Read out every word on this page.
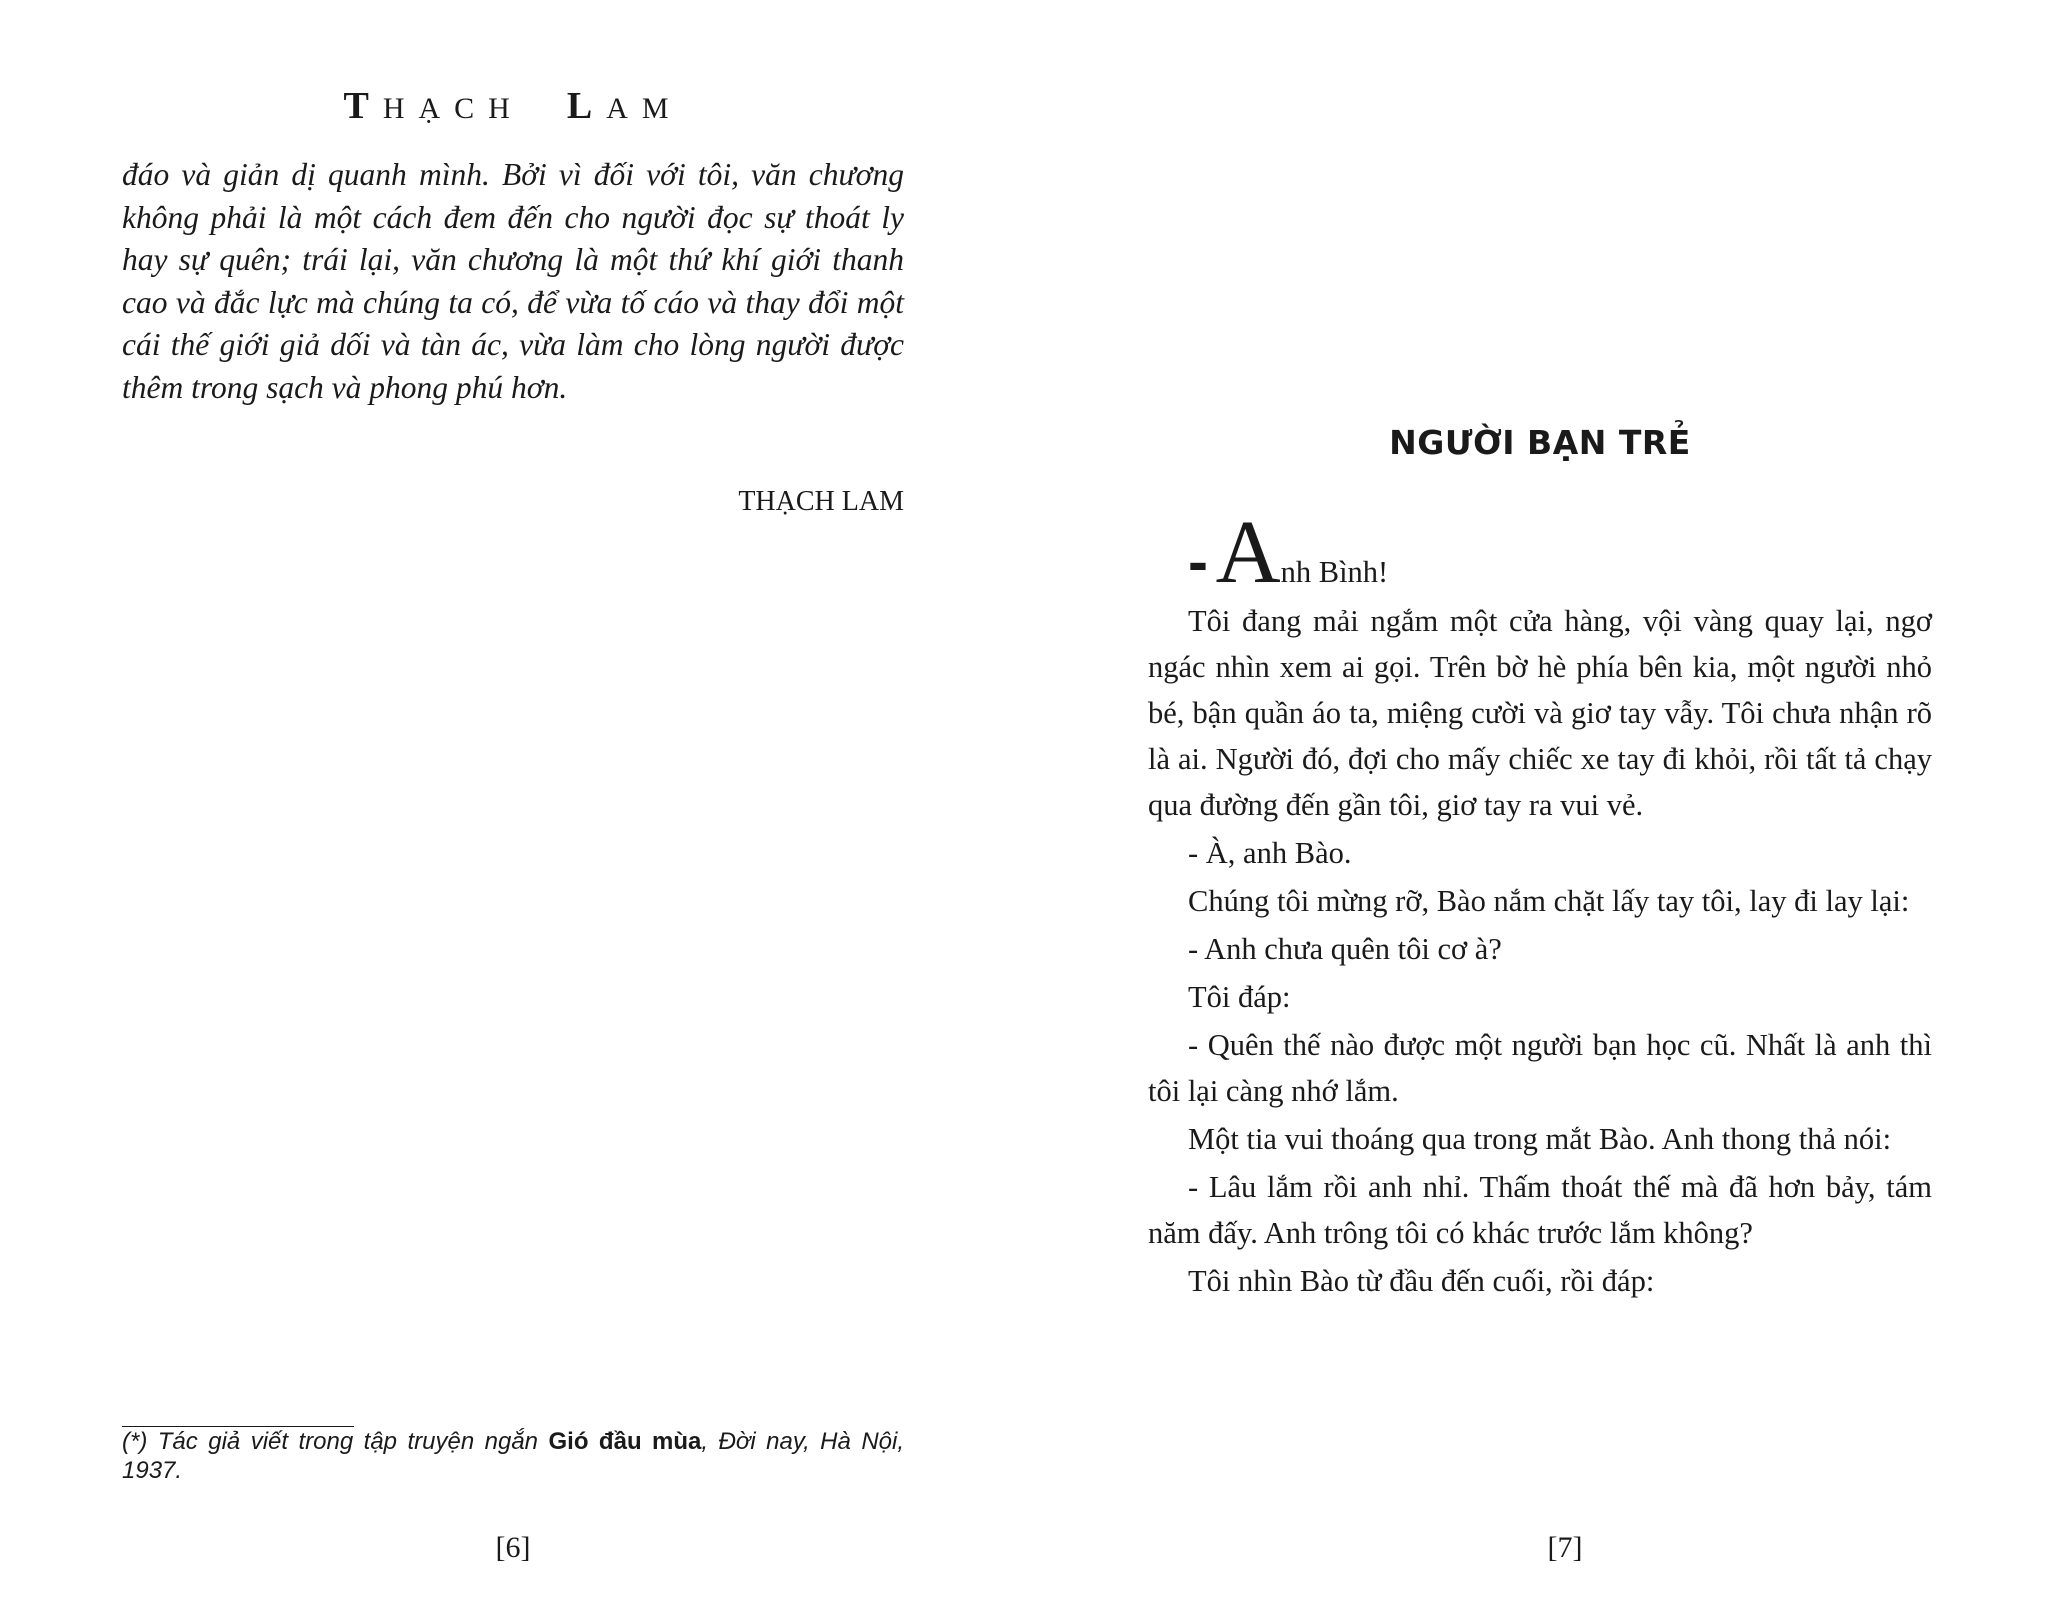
THẠCH LAM

đáo và giản dị quanh mình. Bởi vì đối với tôi, văn chương không phải là một cách đem đến cho người đọc sự thoát ly hay sự quên; trái lại, văn chương là một thứ khí giới thanh cao và đắc lực mà chúng ta có, để vừa tố cáo và thay đổi một cái thế giới giả dối và tàn ác, vừa làm cho lòng người được thêm trong sạch và phong phú hơn.

THẠCH LAM

(*) Tác giả viết trong tập truyện ngắn Gió đầu mùa, Đời nay, Hà Nội, 1937.

[6]
NGƯỜI BẠN TRẺ
- Anh Bình!

Tôi đang mải ngắm một cửa hàng, vội vàng quay lại, ngơ ngác nhìn xem ai gọi. Trên bờ hè phía bên kia, một người nhỏ bé, bận quần áo ta, miệng cười và giơ tay vẫy. Tôi chưa nhận rõ là ai. Người đó, đợi cho mấy chiếc xe tay đi khỏi, rồi tất tả chạy qua đường đến gần tôi, giơ tay ra vui vẻ.

- À, anh Bào.

Chúng tôi mừng rỡ, Bào nắm chặt lấy tay tôi, lay đi lay lại:

- Anh chưa quên tôi cơ à?

Tôi đáp:

- Quên thế nào được một người bạn học cũ. Nhất là anh thì tôi lại càng nhớ lắm.

Một tia vui thoáng qua trong mắt Bào. Anh thong thả nói:

- Lâu lắm rồi anh nhỉ. Thấm thoát thế mà đã hơn bảy, tám năm đấy. Anh trông tôi có khác trước lắm không?

Tôi nhìn Bào từ đầu đến cuối, rồi đáp:

[7]
